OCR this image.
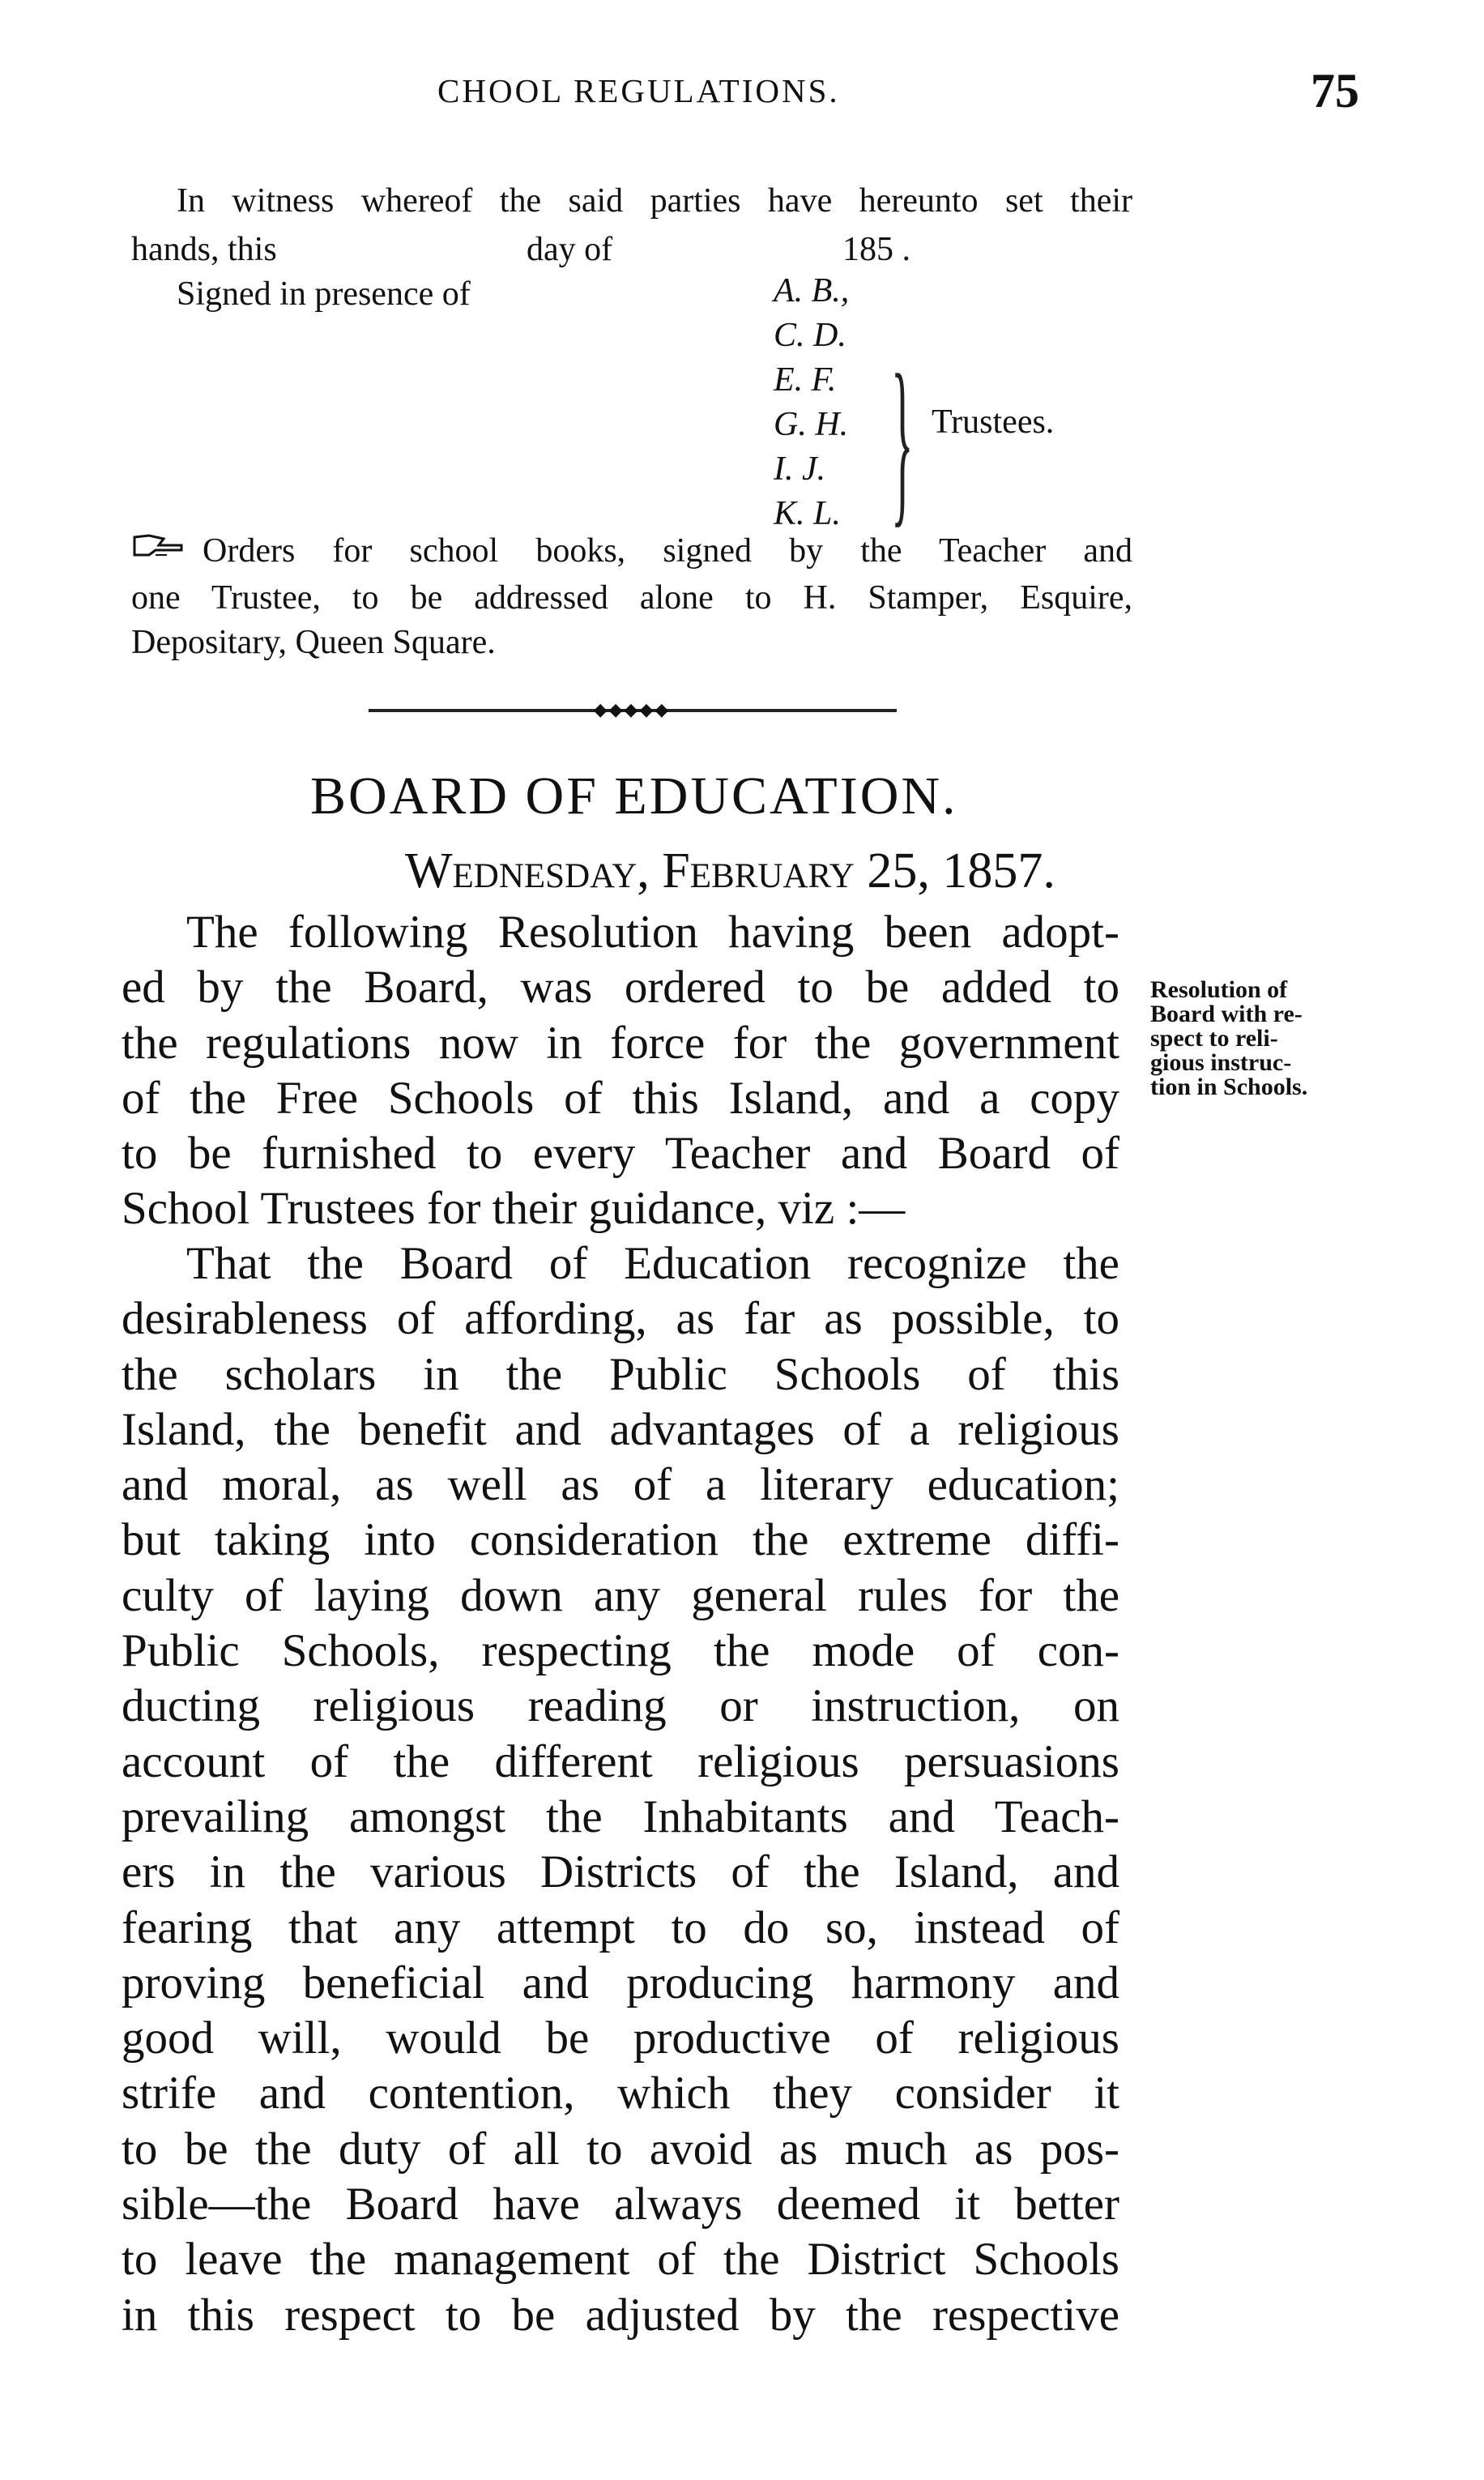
CHOOL REGULATIONS.	75
In witness whereof the said parties have hereunto set their
hands, this	day of	185 .
Signed in presence of	A. B.,
C. D.
E. F.
G. H.
I. J.
K. L. } Trustees.
Orders for school books, signed by the Teacher and
one Trustee, to be addressed alone to H. Stamper, Esquire,
Depositary, Queen Square.
◆◆◆◆◆
BOARD OF EDUCATION.
Wednesday, February 25, 1857.
The following Resolution having been adopt-
ed by the Board, was ordered to be added to
the regulations now in force for the government
of the Free Schools of this Island, and a copy
to be furnished to every Teacher and Board of
School Trustees for their guidance, viz :—
Resolution of
Board with re-
spect to reli-
gious instruc-
tion in Schools.
That the Board of Education recognize the
desirableness of affording, as far as possible, to
the scholars in the Public Schools of this
Island, the benefit and advantages of a religious
and moral, as well as of a literary education;
but taking into consideration the extreme diffi-
culty of laying down any general rules for the
Public Schools, respecting the mode of con-
ducting religious reading or instruction, on
account of the different religious persuasions
prevailing amongst the Inhabitants and Teach-
ers in the various Districts of the Island, and
fearing that any attempt to do so, instead of
proving beneficial and producing harmony and
good will, would be productive of religious
strife and contention, which they consider it
to be the duty of all to avoid as much as pos-
sible—the Board have always deemed it better
to leave the management of the District Schools
in this respect to be adjusted by the respective
